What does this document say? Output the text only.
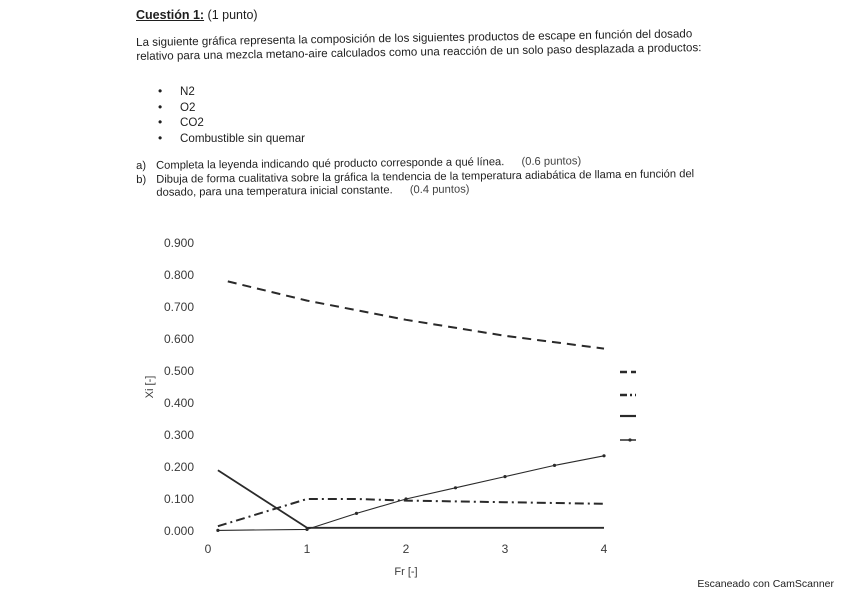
Cuestión 1: (1 punto)
La siguiente gráfica representa la composición de los siguientes productos de escape en función del dosado relativo para una mezcla metano-aire calculados como una reacción de un solo paso desplazada a productos:
• N2
• O2
• CO2
• Combustible sin quemar
a) Completa la leyenda indicando qué producto corresponde a qué línea. (0.6 puntos)
b) Dibuja de forma cualitativa sobre la gráfica la tendencia de la temperatura adiabática de llama en función del dosado, para una temperatura inicial constante. (0.4 puntos)
0.000
0.100
0.200
0.300
0.400
0.500
0.600
0.700
0.800
0.900
0	1	2	3	4
Fr [-]
Xi [-]
Escaneado con CamScanner
